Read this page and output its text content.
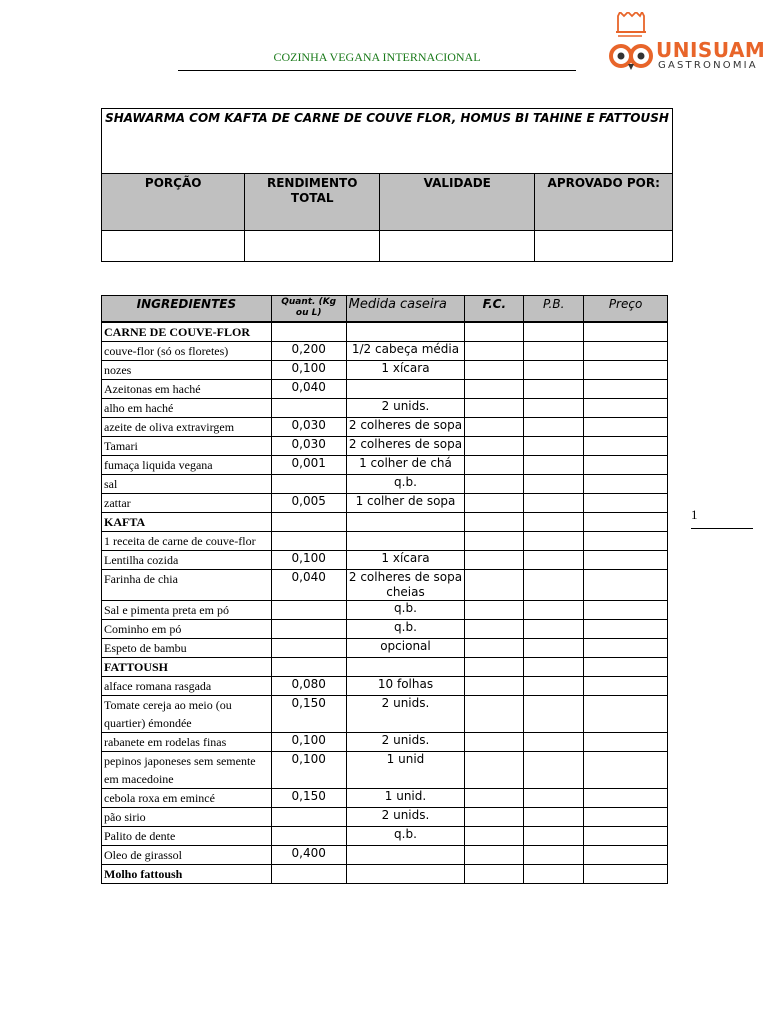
COZINHA VEGANA INTERNACIONAL	UNISUAM
GASTRONOMIA
1
SHAWARMA COM KAFTA DE CARNE DE COUVE FLOR, HOMUS BI TAHINE E FATTOUSH			
PORÇÃO	RENDIMENTO TOTAL	VALIDADE	APROVADO POR:

INGREDIENTES	Quant. (Kg ou L)	Medida caseira	F.C.	P.B.	Preço
CARNE DE COUVE-FLOR					
couve-flor (só os floretes)	0,200	1/2 cabeça média			
nozes	0,100	1 xícara			
Azeitonas em haché	0,040				
alho em haché		2 unids.			
azeite de oliva extravirgem	0,030	2 colheres de sopa			
Tamari	0,030	2 colheres de sopa			
fumaça liquida vegana	0,001	1 colher de chá			
sal		q.b.			
zattar	0,005	1 colher de sopa			
KAFTA					
1 receita de carne de couve-flor					
Lentilha cozida	0,100	1 xícara			
Farinha de chia	0,040	2 colheres de sopa cheias			
Sal e pimenta preta em pó		q.b.			
Cominho em pó		q.b.			
Espeto de bambu		opcional			
FATTOUSH					
alface romana rasgada	0,080	10 folhas			
Tomate cereja ao meio (ou quartier) émondée	0,150	2 unids.			
rabanete em rodelas finas	0,100	2 unids.			
pepinos japoneses sem semente em macedoine	0,100	1 unid			
cebola roxa em emincé	0,150	1 unid.			
pão sirio		2 unids.			
Palito de dente		q.b.			
Oleo de girassol	0,400				
Molho fattoush					
